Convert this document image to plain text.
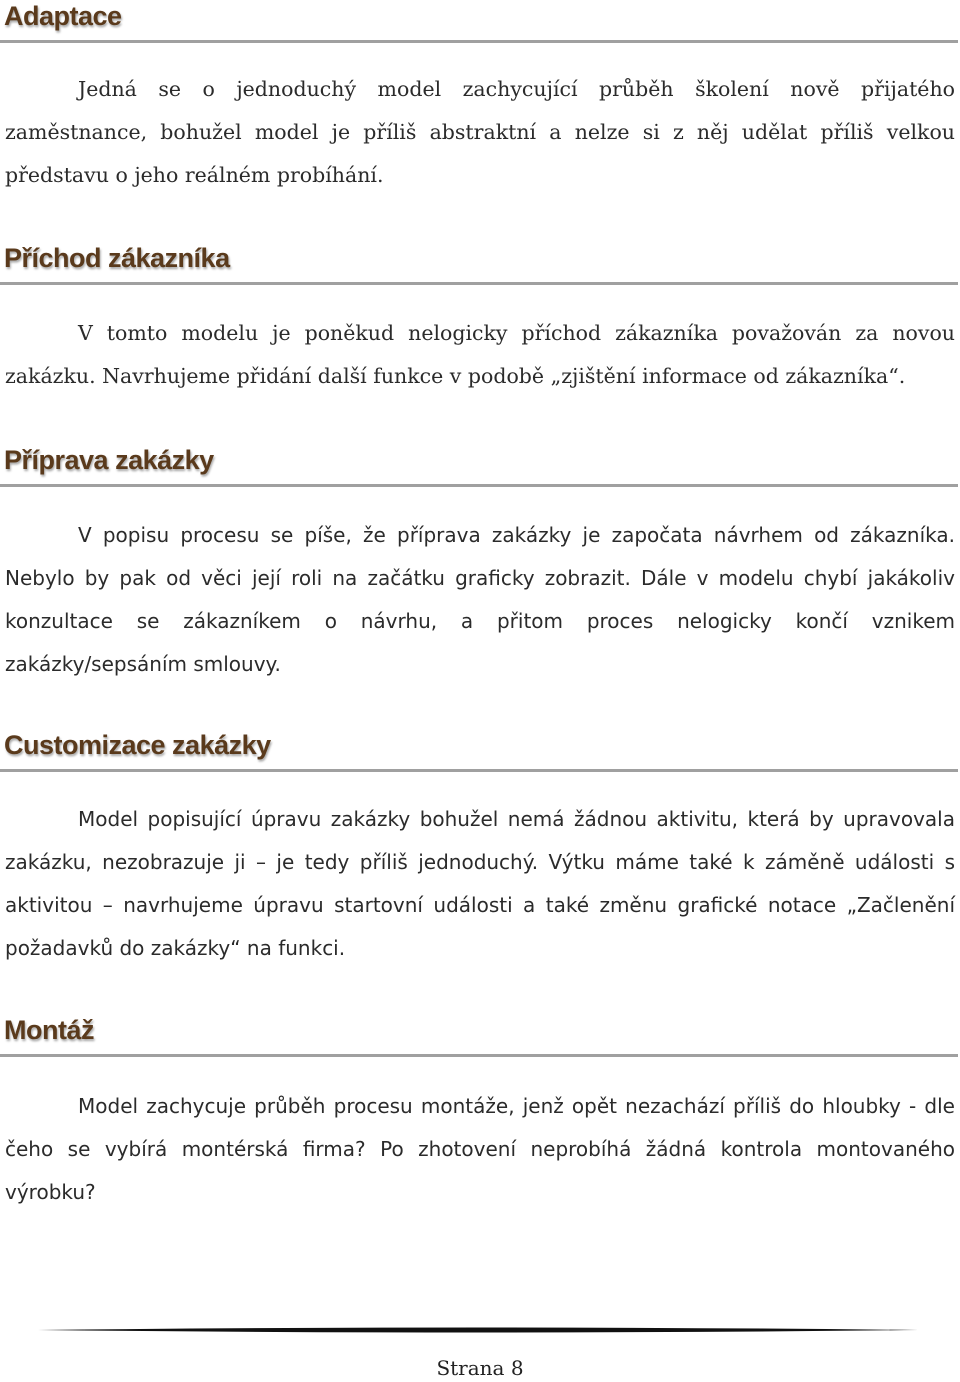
Adaptace

Jedná se o jednoduchý model zachycující průběh školení nově přijatého zaměstnance, bohužel model je příliš abstraktní a nelze si z něj udělat příliš velkou představu o jeho reálném probíhání.

Příchod zákazníka

V tomto modelu je poněkud nelogicky příchod zákazníka považován za novou zakázku. Navrhujeme přidání další funkce v podobě „zjištění informace od zákazníka“.

Příprava zakázky

V popisu procesu se píše, že příprava zakázky je započata návrhem od zákazníka. Nebylo by pak od věci její roli na začátku graficky zobrazit. Dále v modelu chybí jakákoliv konzultace se zákazníkem o návrhu, a přitom proces nelogicky končí vznikem zakázky/sepsáním smlouvy.

Customizace zakázky

Model popisující úpravu zakázky bohužel nemá žádnou aktivitu, která by upravovala zakázku, nezobrazuje ji – je tedy příliš jednoduchý. Výtku máme také k záměně události s aktivitou – navrhujeme úpravu startovní události a také změnu grafické notace „Začlenění požadavků do zakázky“ na funkci.

Montáž

Model zachycuje průběh procesu montáže, jenž opět nezachází příliš do hloubky - dle čeho se vybírá montérská firma? Po zhotovení neprobíhá žádná kontrola montovaného výrobku?

Strana 8
